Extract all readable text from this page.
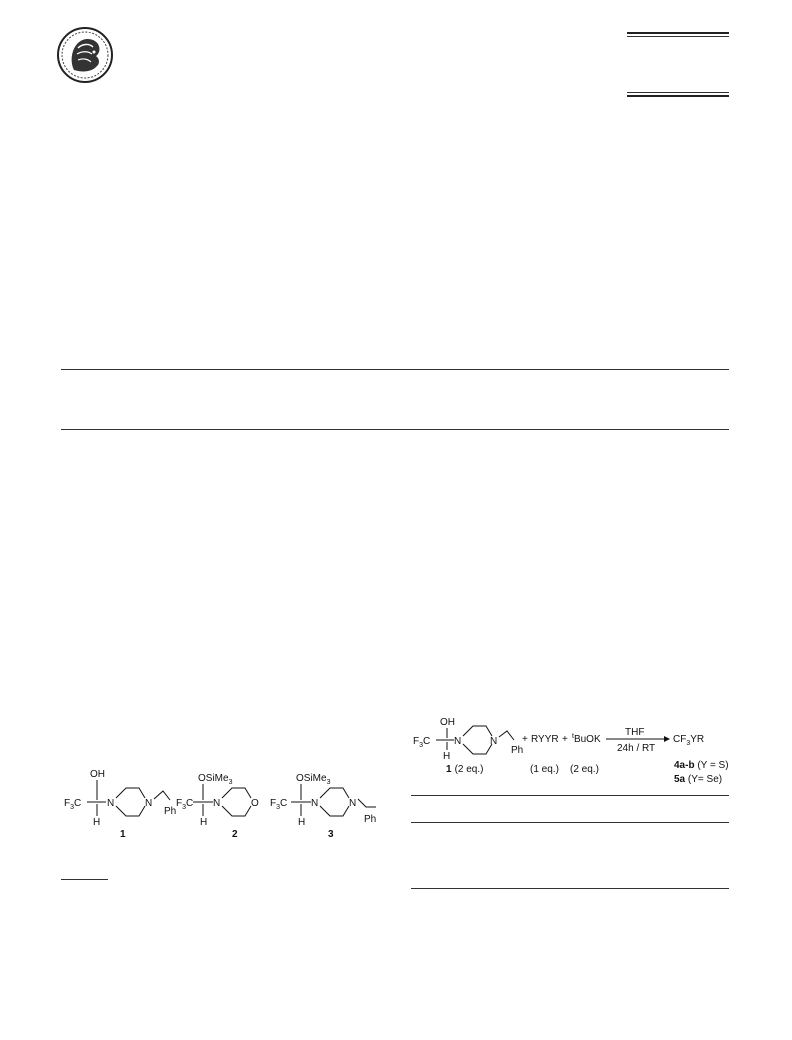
OH
$F_3C$
H
N	N
Ph
1
OSiMe$_3$
$F_3C$
H
N	O
2
OSiMe$_3$
$F_3C$
H
N	N
Ph
3
OH
$F_3C$
H
N	N
Ph
1 (2 eq.)
+ RYYR
(1 eq.)
+ $^t$BuOK
(2 eq.)
THF
24h / RT
$CF_3YR$
4a-b (Y = S)
5a (Y= Se)
